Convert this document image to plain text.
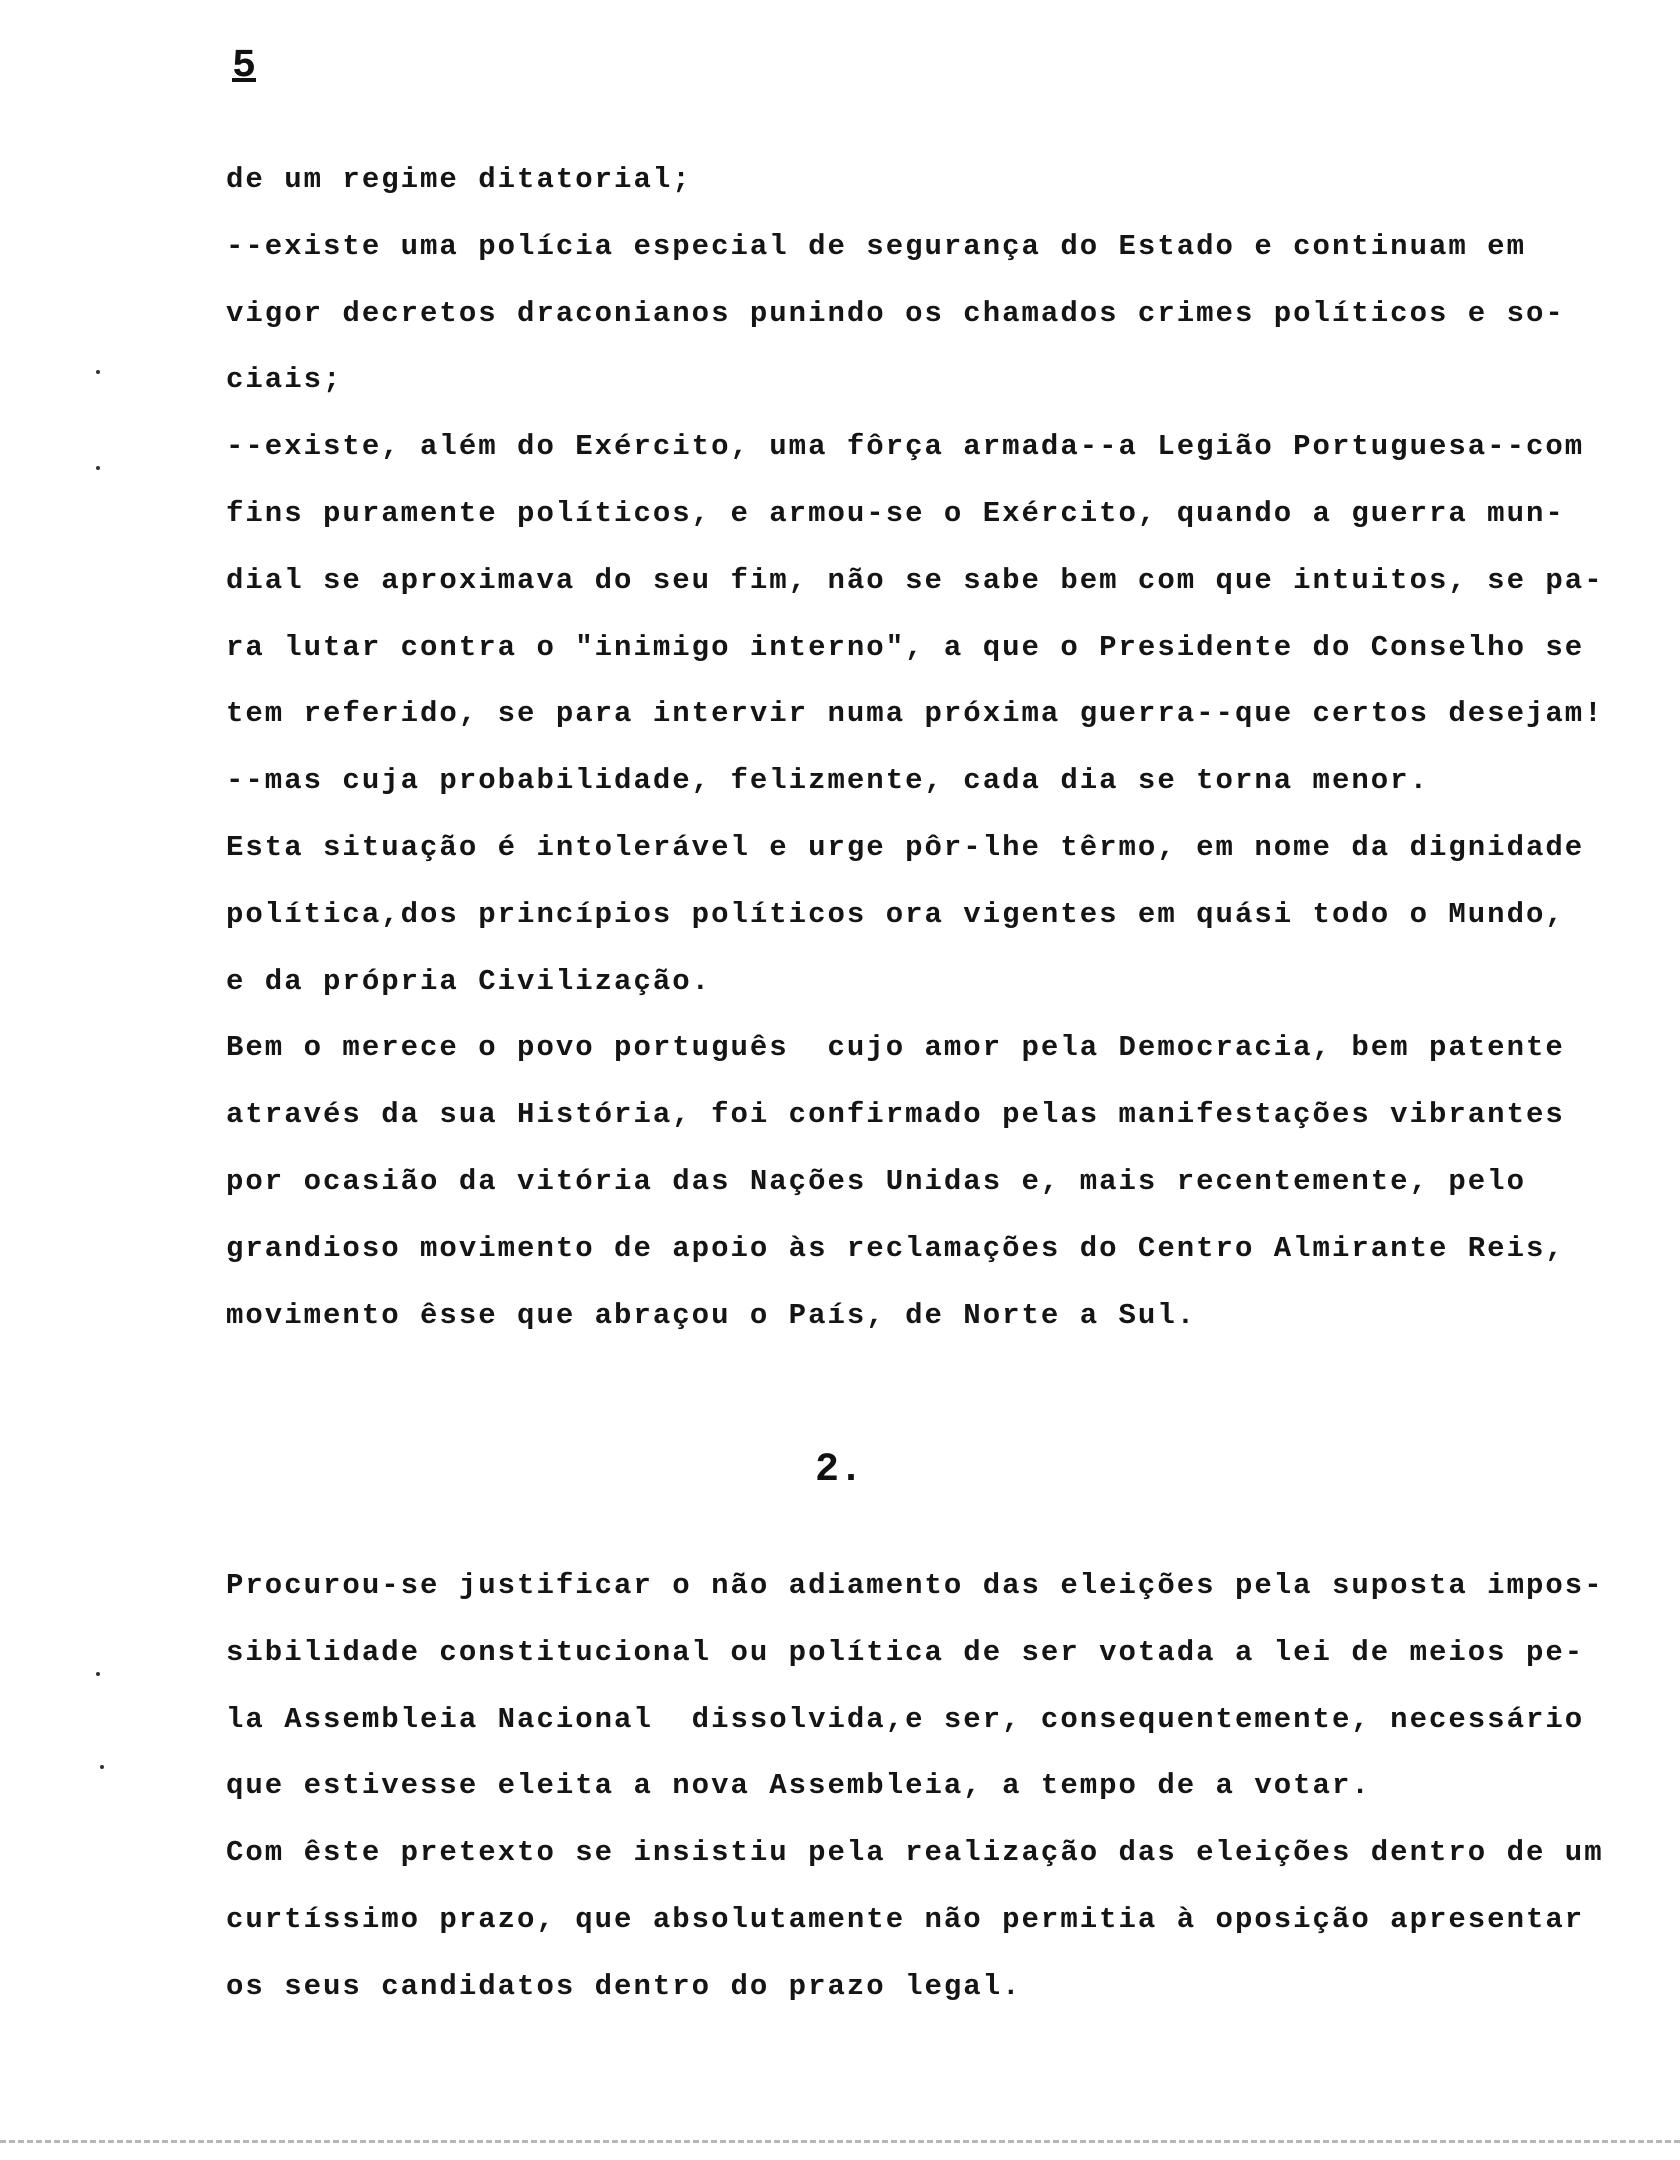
5
de um regime ditatorial;
--existe uma polícia especial de segurança do Estado e continuam em
vigor decretos draconianos punindo os chamados crimes políticos e so-
ciais;
--existe, além do Exército, uma fôrça armada--a Legião Portuguesa--com
fins puramente políticos, e armou-se o Exército, quando a guerra mun-
dial se aproximava do seu fim, não se sabe bem com que intuitos, se pa-
ra lutar contra o "inimigo interno", a que o Presidente do Conselho se
tem referido, se para intervir numa próxima guerra--que certos desejam!
--mas cuja probabilidade, felizmente, cada dia se torna menor.
Esta situação é intolerável e urge pôr-lhe têrmo, em nome da dignidade
política,dos princípios políticos ora vigentes em quási todo o Mundo,
e da própria Civilização.
Bem o merece o povo português  cujo amor pela Democracia, bem patente
através da sua História, foi confirmado pelas manifestações vibrantes
por ocasião da vitória das Nações Unidas e, mais recentemente, pelo
grandioso movimento de apoio às reclamações do Centro Almirante Reis,
movimento êsse que abraçou o País, de Norte a Sul.
2.
Procurou-se justificar o não adiamento das eleições pela suposta impos-
sibilidade constitucional ou política de ser votada a lei de meios pe-
la Assembleia Nacional  dissolvida,e ser, consequentemente, necessário
que estivesse eleita a nova Assembleia, a tempo de a votar.
Com êste pretexto se insistiu pela realização das eleições dentro de um
curtíssimo prazo, que absolutamente não permitia à oposição apresentar
os seus candidatos dentro do prazo legal.
